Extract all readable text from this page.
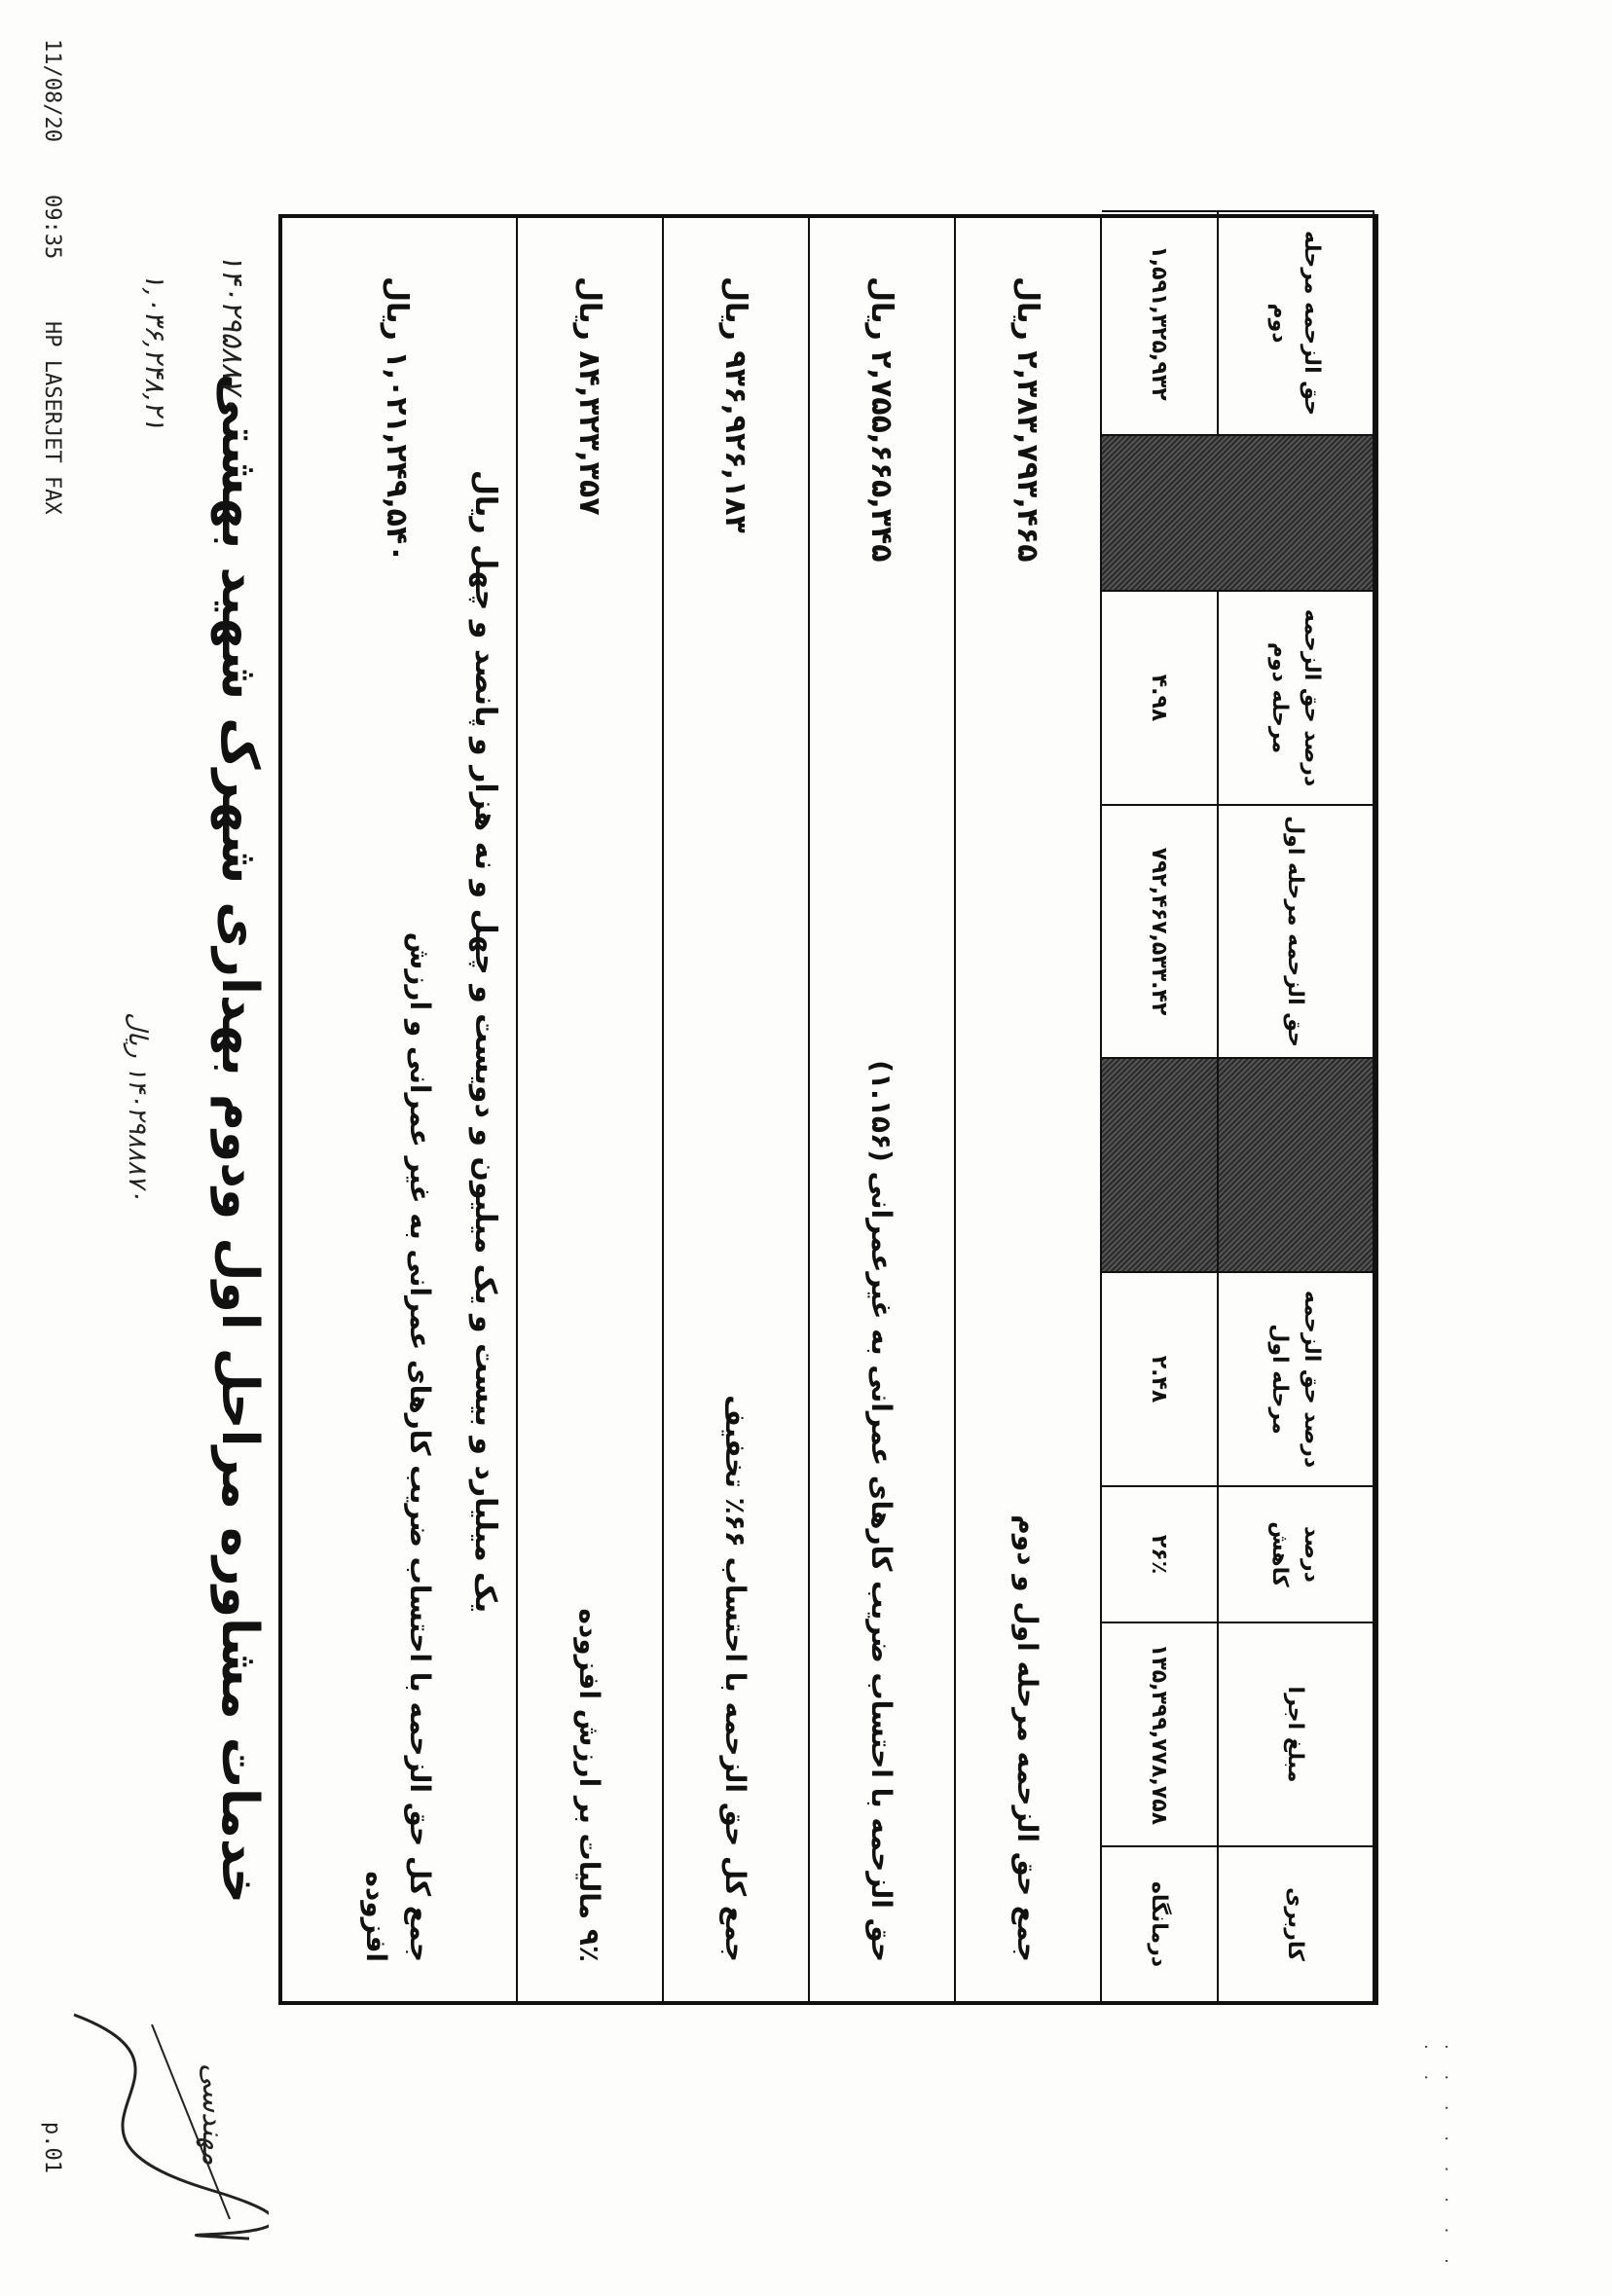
خدمات مشاوره مراحل اول ودوم بهداری شهرک شهید بهشتی
کاربری
مبلغ اجرا
درصد کاهش
درصد حق الزحمه مرحله اول
حق الزحمه مرحله اول
درصد حق الزحمه مرحله دوم
حق الزحمه مرحله دوم
درمانگاه
۱۳۵,۳۹۹,۷۷۸,۷۵۸
۲۶٪
۲.۴۸
۷۹۲,۴۶۷,۵۳۳.۴۲
۴.۹۸
۱,۵۹۱,۳۲۵,۹۳۲
جمع حق الزحمه مرحله اول و دوم
۲,۳۸۳,۷۹۳,۴۶۵ ریال
حق الزحمه با احتساب ضریب کارهای عمرانی به غیرعمرانی (۱.۱۵۶)
۲,۷۵۵,۶۶۵,۳۴۵ ریال
جمع کل حق الزحمه با احتساب ۶۶٪ تخفیف
۹۳۶,۹۲۶,۱۸۳ ریال
۹٪ مالیات بر ارزش افزوده
۸۴,۳۲۳,۳۵۷ ریال
جمع کل حق الزحمه با احتساب ضریب کارهای عمرانی به غیر عمرانی و ارزش افزوده
۱,۰۲۱,۲۴۹,۵۴۰ ریال
یک میلیارد و بیست و یک میلیون و دویست و چهل و نه هزار و پانصد و چهل ریال
۱۴۰۲۹۵۸۸۷۰
۱,۰۳۶,۲۴۸,۲۱
۱۴۰۲۹۸۸۸۷۰ ریال
مهندسی
11/08/20
09:35
HP LASERJET FAX
p.01	· · · · · · · · · ·
